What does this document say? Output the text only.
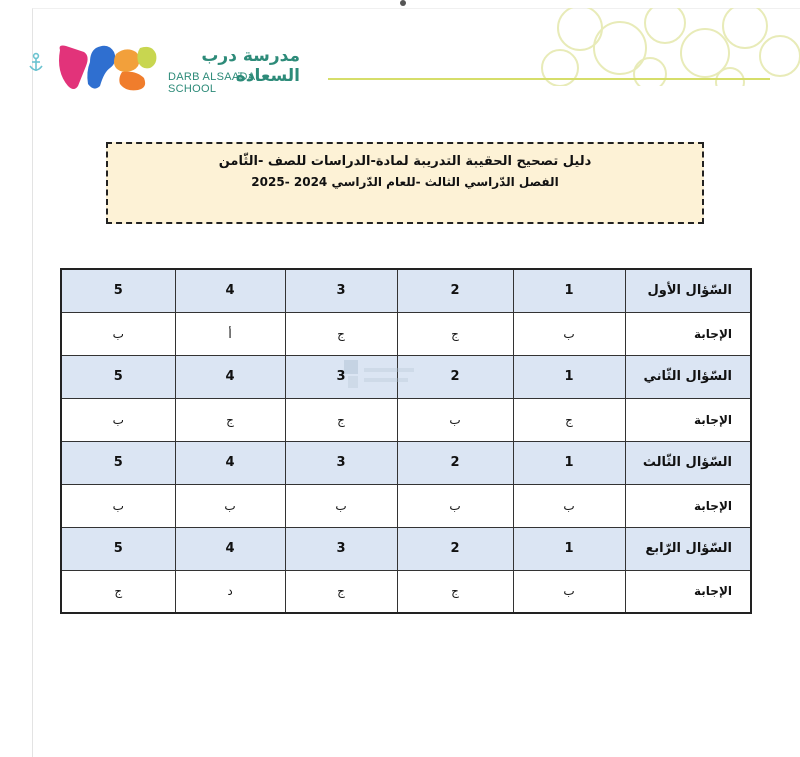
مدرسة درب السعادة
DARB ALSAADA SCHOOL
دليل تصحيح الحقيبة التدريبة لمادة-الدراسات للصف -الثّامن
الفصل الدّراسي الثالث -للعام الدّراسي 2024 -2025
السّؤال الأول	1	2	3	4	5
الإجابة	ب	ج	ج	أ	ب
السّؤال الثّاني	1	2	3	4	5
الإجابة	ج	ب	ج	ج	ب
السّؤال الثّالث	1	2	3	4	5
الإجابة	ب	ب	ب	ب	ب
السّؤال الرّابع	1	2	3	4	5
الإجابة	ب	ج	ج	د	ج
